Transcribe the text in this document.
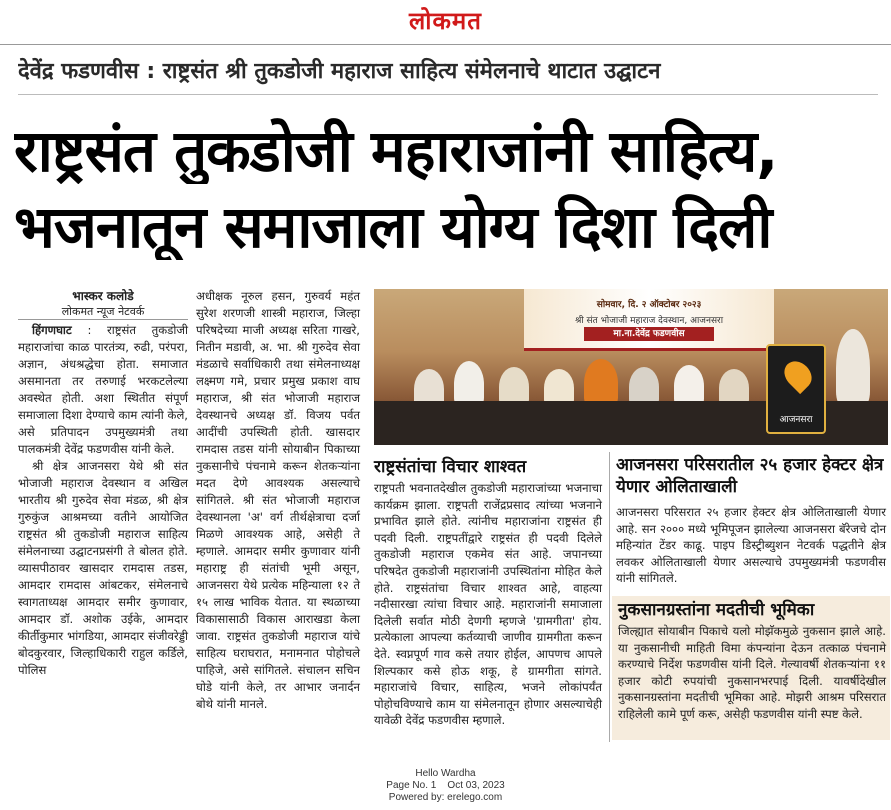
लोकमत
देवेंद्र फडणवीस : राष्ट्रसंत श्री तुकडोजी महाराज साहित्य संमेलनाचे थाटात उद्घाटन
राष्ट्रसंत तुकडोजी महाराजांनी साहित्य,
भजनातून समाजाला योग्य दिशा दिली
भास्कर कलोडे
लोकमत न्यूज नेटवर्क

हिंगणघाट : राष्ट्रसंत तुकडोजी महाराजांचा काळ पारतंत्र्य, रुढी, परंपरा, अज्ञान, अंधश्रद्धेचा होता. समाजात असमानता तर तरुणाई भरकटलेल्या अवस्थेत होती. अशा स्थितीत संपूर्ण समाजाला दिशा देण्याचे काम त्यांनी केले, असे प्रतिपादन उपमुख्यमंत्री तथा पालकमंत्री देवेंद्र फडणवीस यांनी केले.

श्री क्षेत्र आजनसरा येथे श्री संत भोजाजी महाराज देवस्थान व अखिल भारतीय श्री गुरुदेव सेवा मंडळ, श्री क्षेत्र गुरुकुंज आश्रमच्या वतीने आयोजित राष्ट्रसंत श्री तुकडोजी महाराज साहित्य संमेलनाच्या उद्घाटनप्रसंगी ते बोलत होते. व्यासपीठावर खासदार रामदास तडस, आमदार रामदास आंबटकर, संमेलनाचे स्वागताध्यक्ष आमदार समीर कुणावार, आमदार डॉ. अशोक उईके, आमदार कीर्तीकुमार भांगडिया, आमदार संजीवरेड्डी बोदकुरवार, जिल्हाधिकारी राहुल कर्डिले, पोलिस

अधीक्षक नूरुल हसन, गुरुवर्य महंत सुरेश शरणजी शास्त्री महाराज, जिल्हा परिषदेच्या माजी अध्यक्ष सरिता गाखरे, नितीन मडावी, अ. भा. श्री गुरुदेव सेवा मंडळाचे सर्वाधिकारी तथा संमेलनाध्यक्ष लक्ष्मण गमे, प्रचार प्रमुख प्रकाश वाघ महाराज, श्री संत भोजाजी महाराज देवस्थानचे अध्यक्ष डॉ. विजय पर्वत आदींची उपस्थिती होती. खासदार रामदास तडस यांनी सोयाबीन पिकाच्या नुकसानीचे पंचनामे करून शेतकऱ्यांना मदत देणे आवश्यक असल्याचे सांगितले. श्री संत भोजाजी महाराज देवस्थानला 'अ' वर्ग तीर्थक्षेत्राचा दर्जा मिळणे आवश्यक आहे, असेही ते म्हणाले. आमदार समीर कुणावार यांनी महाराष्ट्र ही संतांची भूमी असून, आजनसरा येथे प्रत्येक महिन्याला १२ ते १५ लाख भाविक येतात. या स्थळाच्या विकासासाठी विकास आराखडा केला जावा. राष्ट्रसंत तुकडोजी महाराज यांचे साहित्य घराघरात, मनामनात पोहोचले पाहिजे, असे सांगितले. संचालन सचिन घोडे यांनी केले, तर आभार जनार्दन बोथे यांनी मानले.

सोमवार, दि. २ ऑक्टोबर २०२३
श्री संत भोजाजी महाराज देवस्थान, आजनसरा
मा.ना.देवेंद्र फडणवीस
आजनसरा
राष्ट्रसंतांचा विचार शाश्वत
राष्ट्रपती भवनातदेखील तुकडोजी महाराजांच्या भजनाचा कार्यक्रम झाला. राष्ट्रपती राजेंद्रप्रसाद त्यांच्या भजनाने प्रभावित झाले होते. त्यांनीच महाराजांना राष्ट्रसंत ही पदवी दिली. राष्ट्रपतींद्वारे राष्ट्रसंत ही पदवी दिलेले तुकडोजी महाराज एकमेव संत आहे. जपानच्या परिषदेत तुकडोजी महाराजांनी उपस्थितांना मोहित केले होते. राष्ट्रसंतांचा विचार शाश्वत आहे, वाहत्या नदीसारखा त्यांचा विचार आहे. महाराजांनी समाजाला दिलेली सर्वात मोठी देणगी म्हणजे 'ग्रामगीता' होय. प्रत्येकाला आपल्या कर्तव्याची जाणीव ग्रामगीता करून देते. स्वप्नपूर्ण गाव कसे तयार होईल, आपणच आपले शिल्पकार कसे होऊ शकू, हे ग्रामगीता सांगते. महाराजांचे विचार, साहित्य, भजने लोकांपर्यंत पोहोचविण्याचे काम या संमेलनातून होणार असल्याचेही यावेळी देवेंद्र फडणवीस म्हणाले.
आजनसरा परिसरातील २५ हजार हेक्टर क्षेत्र येणार ओलिताखाली
आजनसरा परिसरात २५ हजार हेक्टर क्षेत्र ओलिताखाली येणार आहे. सन २००० मध्ये भूमिपूजन झालेल्या आजनसरा बॅरेजचे दोन महिन्यांत टेंडर काढू. पाइप डिस्ट्रीब्युशन नेटवर्क पद्धतीने क्षेत्र लवकर ओलिताखाली येणार असल्याचे उपमुख्यमंत्री फडणवीस यांनी सांगितले.
नुकसानग्रस्तांना मदतीची भूमिका
जिल्ह्यात सोयाबीन पिकाचे यलो मोझॅकमुळे नुकसान झाले आहे. या नुकसानीची माहिती विमा कंपन्यांना देऊन तत्काळ पंचनामे करण्याचे निर्देश फडणवीस यांनी दिले. गेल्यावर्षी शेतकऱ्यांना ११ हजार कोटी रुपयांची नुकसानभरपाई दिली. यावर्षीदेखील नुकसानग्रस्तांना मदतीची भूमिका आहे. मोझरी आश्रम परिसरात राहिलेली कामे पूर्ण करू, असेही फडणवीस यांनी स्पष्ट केले.
Hello Wardha
Page No. 1    Oct 03, 2023
Powered by: erelego.com
